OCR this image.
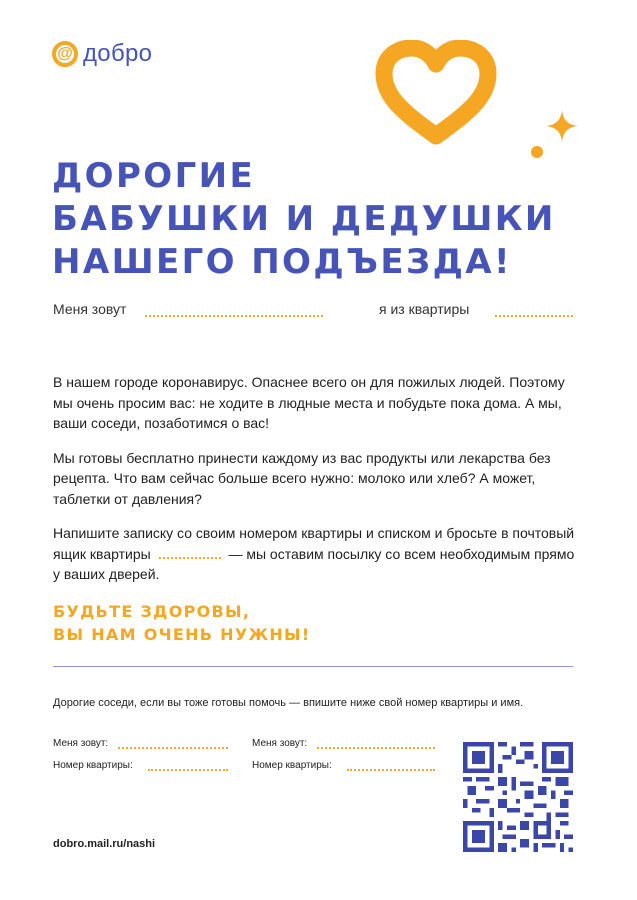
@ добро
ДОРОГИЕ
БАБУШКИ И ДЕДУШКИ
НАШЕГО ПОДЪЕЗДА!
Меня зовут	я из квартиры

В нашем городе коронавирус. Опаснее всего он для пожилых людей. Поэтому мы очень просим вас: не ходите в людные места и побудьте пока дома. А мы, ваши соседи, позаботимся о вас!

Мы готовы бесплатно принести каждому из вас продукты или лекарства без рецепта. Что вам сейчас больше всего нужно: молоко или хлеб? А может, таблетки от давления?

Напишите записку со своим номером квартиры и списком и бросьте в почтовый ящик квартиры	— мы оставим посылку со всем необходимым прямо у ваших дверей.

БУДЬТЕ ЗДОРОВЫ,
ВЫ НАМ ОЧЕНЬ НУЖНЫ!
Дорогие соседи, если вы тоже готовы помочь — впишите ниже свой номер квартиры и имя.
Меня зовут:
Номер квартиры:
Меня зовут:
Номер квартиры:
dobro.mail.ru/nashi
